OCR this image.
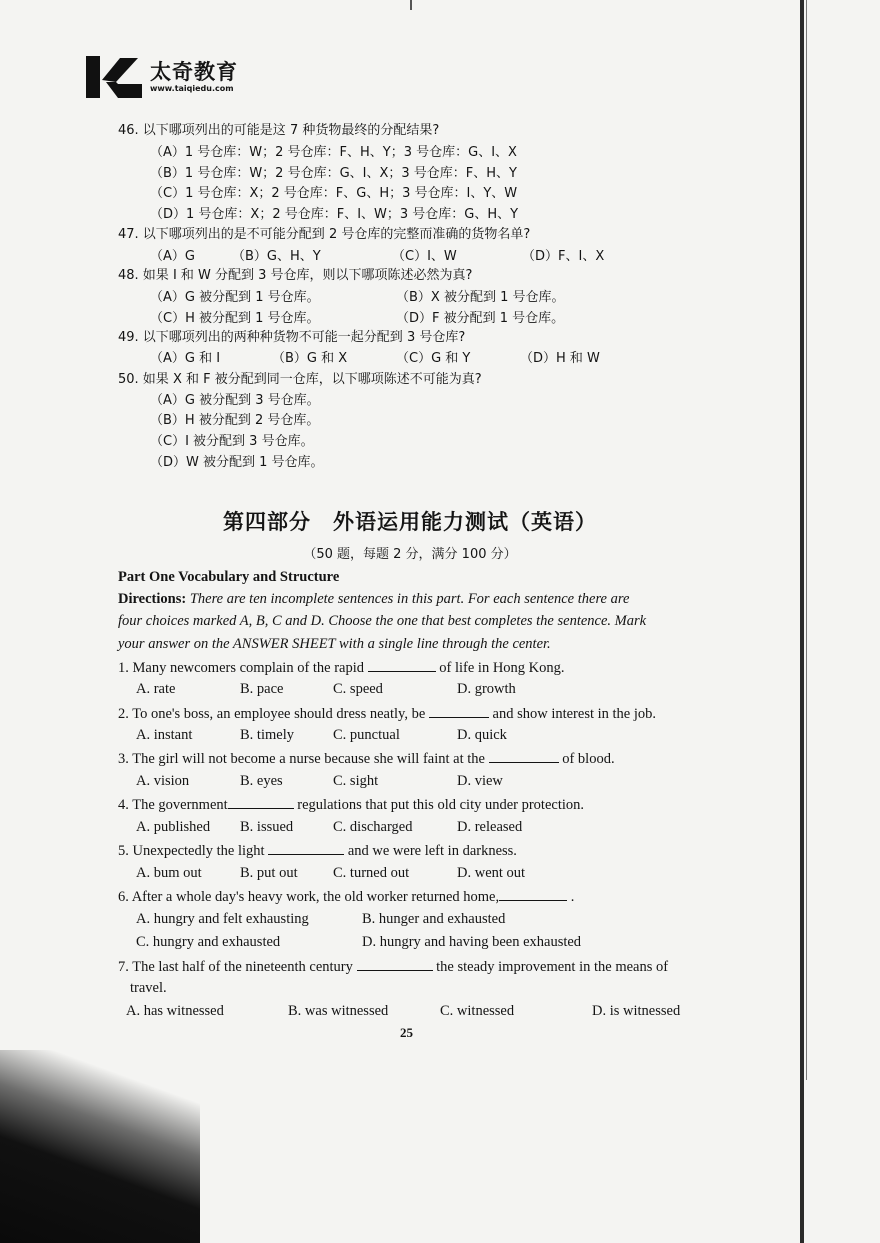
太奇教育
www.taiqiedu.com
46. 以下哪项列出的可能是这 7 种货物最终的分配结果?
（A）1 号仓库：W；2 号仓库：F、H、Y；3 号仓库：G、I、X
（B）1 号仓库：W；2 号仓库：G、I、X；3 号仓库：F、H、Y
（C）1 号仓库：X；2 号仓库：F、G、H；3 号仓库：I、Y、W
（D）1 号仓库：X；2 号仓库：F、I、W；3 号仓库：G、H、Y
47. 以下哪项列出的是不可能分配到 2 号仓库的完整而准确的货物名单?
（A）G	（B）G、H、Y	（C）I、W	（D）F、I、X
48. 如果 I 和 W 分配到 3 号仓库，则以下哪项陈述必然为真?
（A）G 被分配到 1 号仓库。	（B）X 被分配到 1 号仓库。
（C）H 被分配到 1 号仓库。	（D）F 被分配到 1 号仓库。
49. 以下哪项列出的两种种货物不可能一起分配到 3 号仓库?
（A）G 和 I	（B）G 和 X	（C）G 和 Y	（D）H 和 W
50. 如果 X 和 F 被分配到同一仓库，以下哪项陈述不可能为真?
（A）G 被分配到 3 号仓库。
（B）H 被分配到 2 号仓库。
（C）I 被分配到 3 号仓库。
（D）W 被分配到 1 号仓库。
第四部分　外语运用能力测试（英语）
（50 题，每题 2 分，满分 100 分）
Part One Vocabulary and Structure
Directions: There are ten incomplete sentences in this part. For each sentence there are
four choices marked A, B, C and D. Choose the one that best completes the sentence. Mark
your answer on the ANSWER SHEET with a single line through the center.
1. Many newcomers complain of the rapid	of life in Hong Kong.
A. rate	B. pace	C. speed	D. growth
2. To one's boss, an employee should dress neatly, be	and show interest in the job.
A. instant	B. timely	C. punctual	D. quick
3. The girl will not become a nurse because she will faint at the	of blood.
A. vision	B. eyes	C. sight	D. view
4. The government	regulations that put this old city under protection.
A. published B. issued	C. discharged	D. released
5. Unexpectedly the light	and we were left in darkness.
A. bum out	B. put out C. turned out	D. went out
6. After a whole day's heavy work, the old worker returned home,	.
A. hungry and felt exhausting	B. hunger and exhausted
C. hungry and exhausted	D. hungry and having been exhausted
7. The last half of the nineteenth century	the steady improvement in the means of
travel.
A. has witnessed	B. was witnessed	C. witnessed	D. is witnessed
25
